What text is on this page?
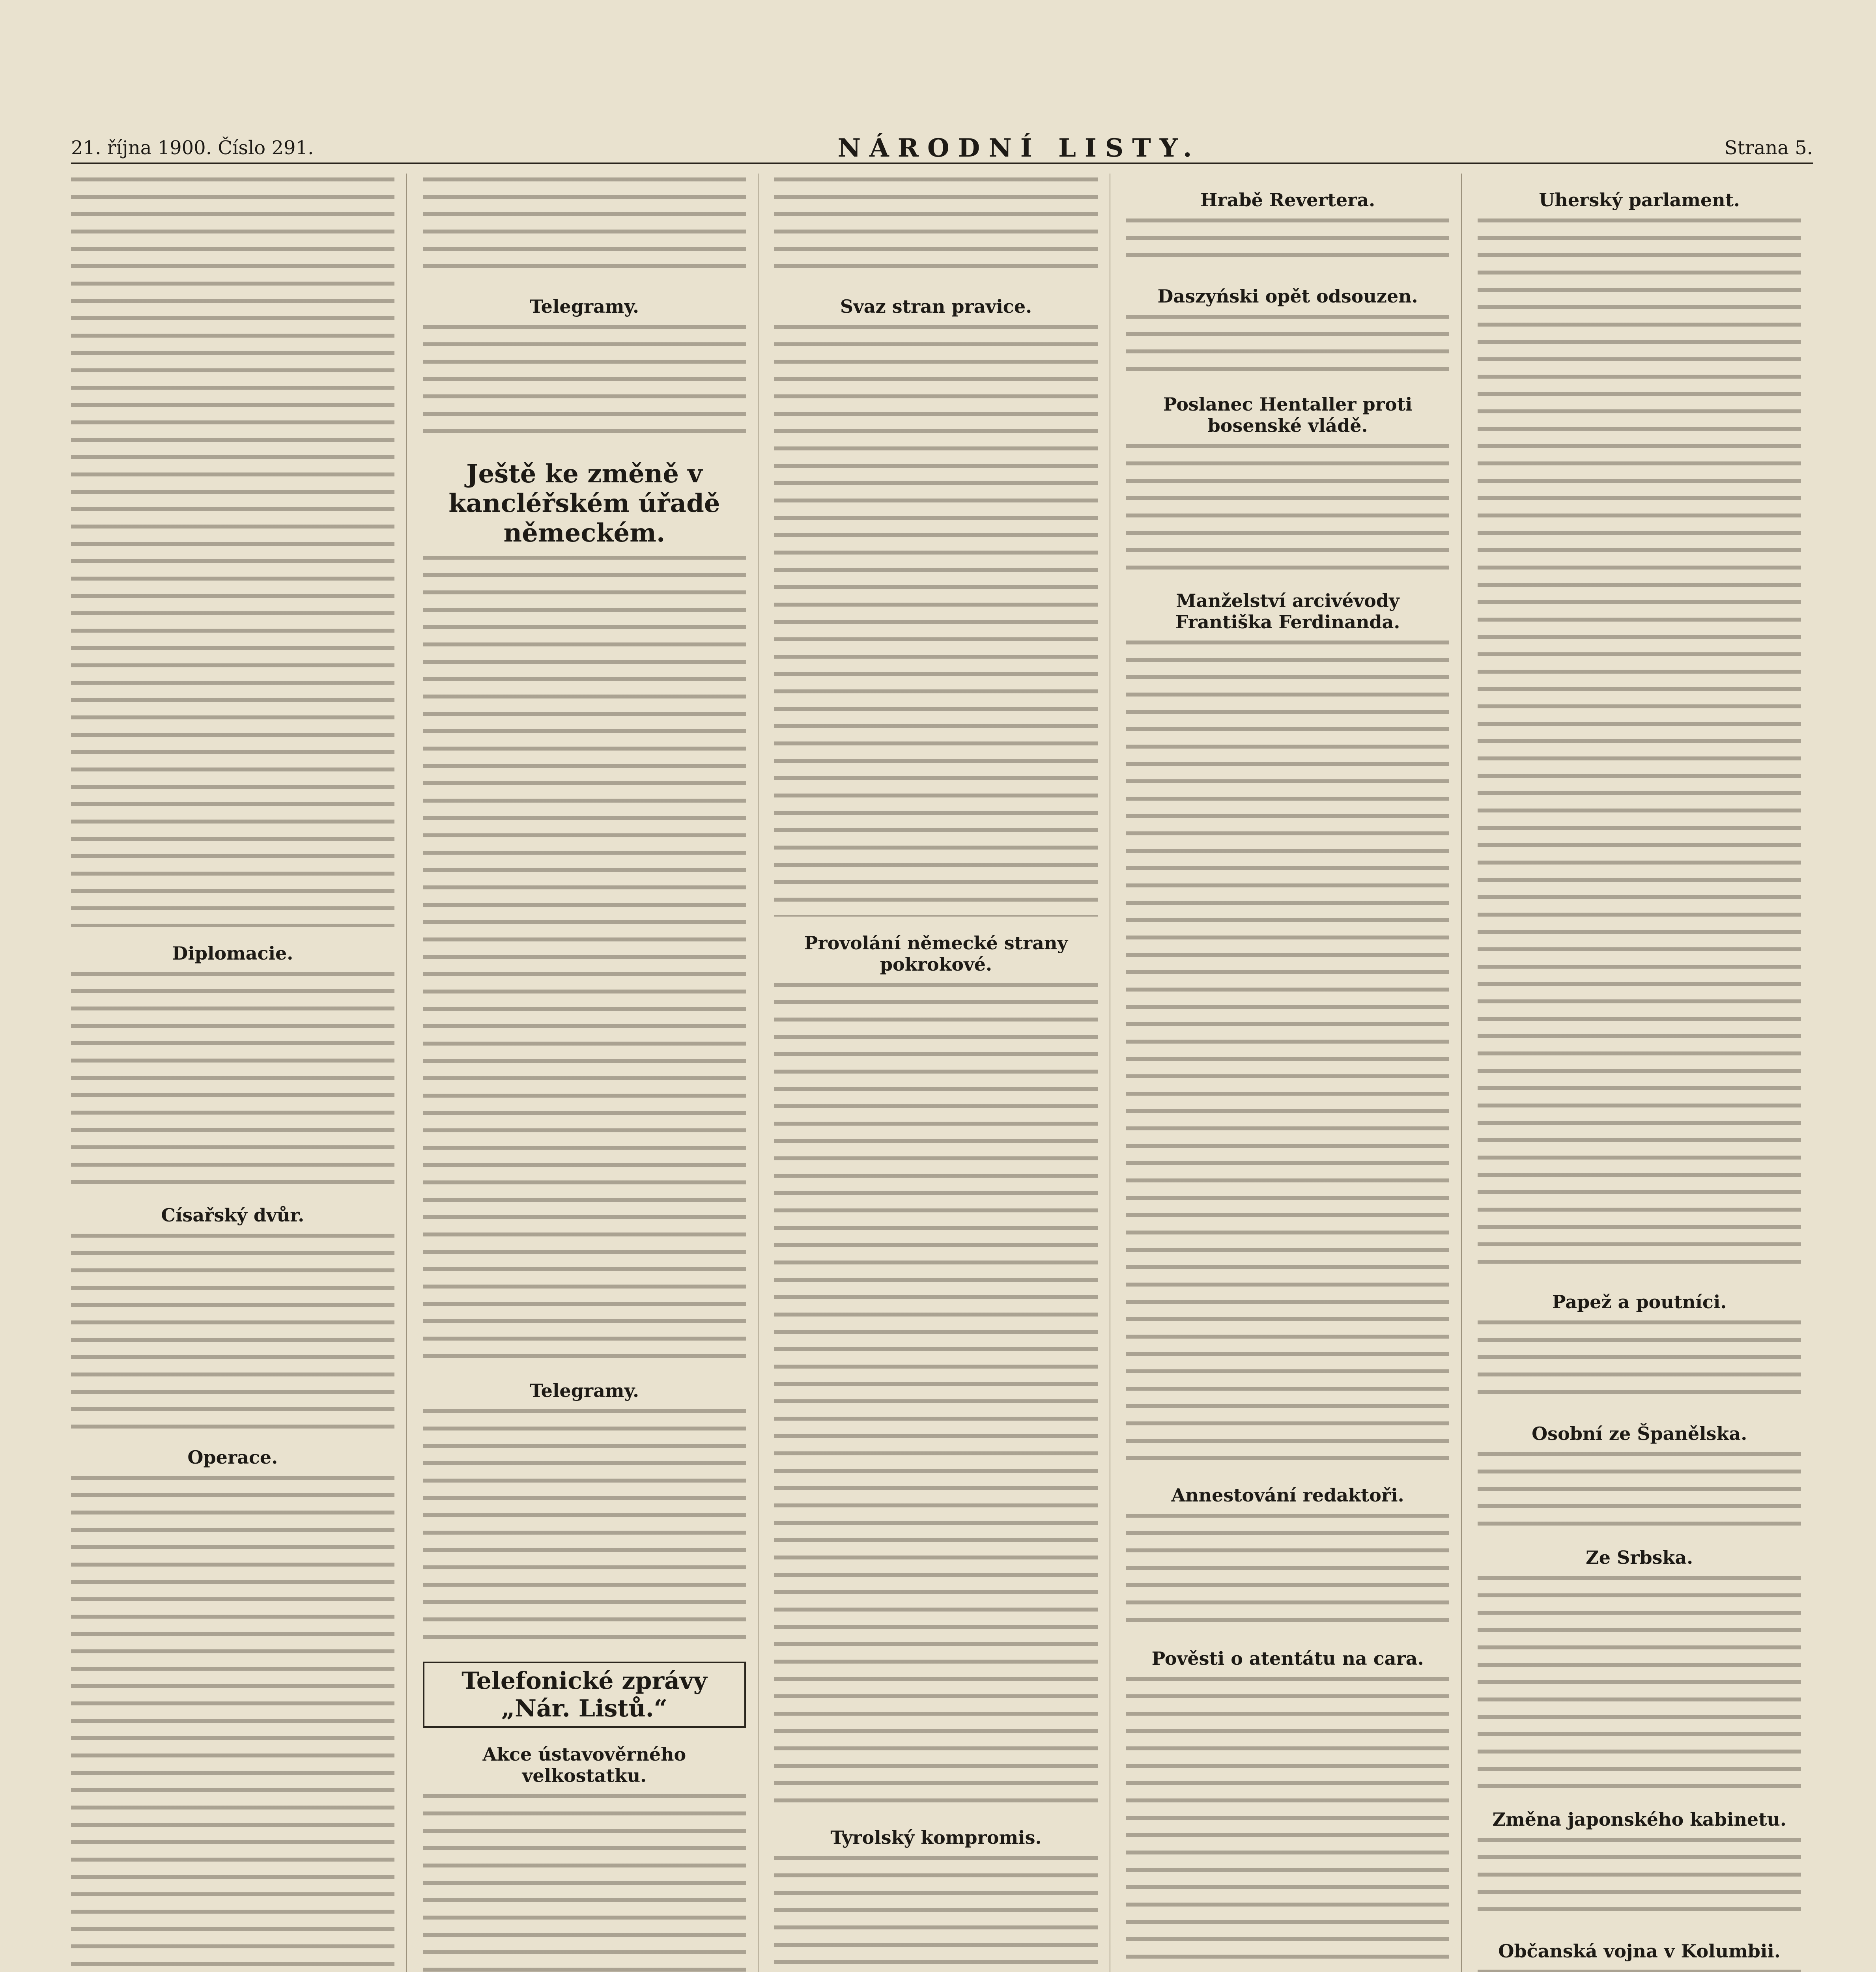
21. října 1900. Číslo 291.	NÁRODNÍ LISTY.	Strana 5.
Diplomacie.
Císařský dvůr.
Operace.
Telegramy.
Ještě ke změně v kancléřském úřadě německém.
Telegramy.
Telefonické zprávy „Nár. Listů.“
Akce ústavověrného velkostatku.
Svaz stran pravice.
Provolání německé strany pokrokové.
Tyrolský kompromis.
Hrabě Revertera.
Daszyński opět odsouzen.
Poslanec Hentaller proti bosenské vládě.
Manželství arcivévody Františka Ferdinanda.
Annestování redaktoři.
Pověsti o atentátu na cara.
Uherský parlament.
Papež a poutníci.
Osobní ze Španělska.
Ze Srbska.
Změna japonského kabinetu.
Občanská vojna v Kolumbii.
